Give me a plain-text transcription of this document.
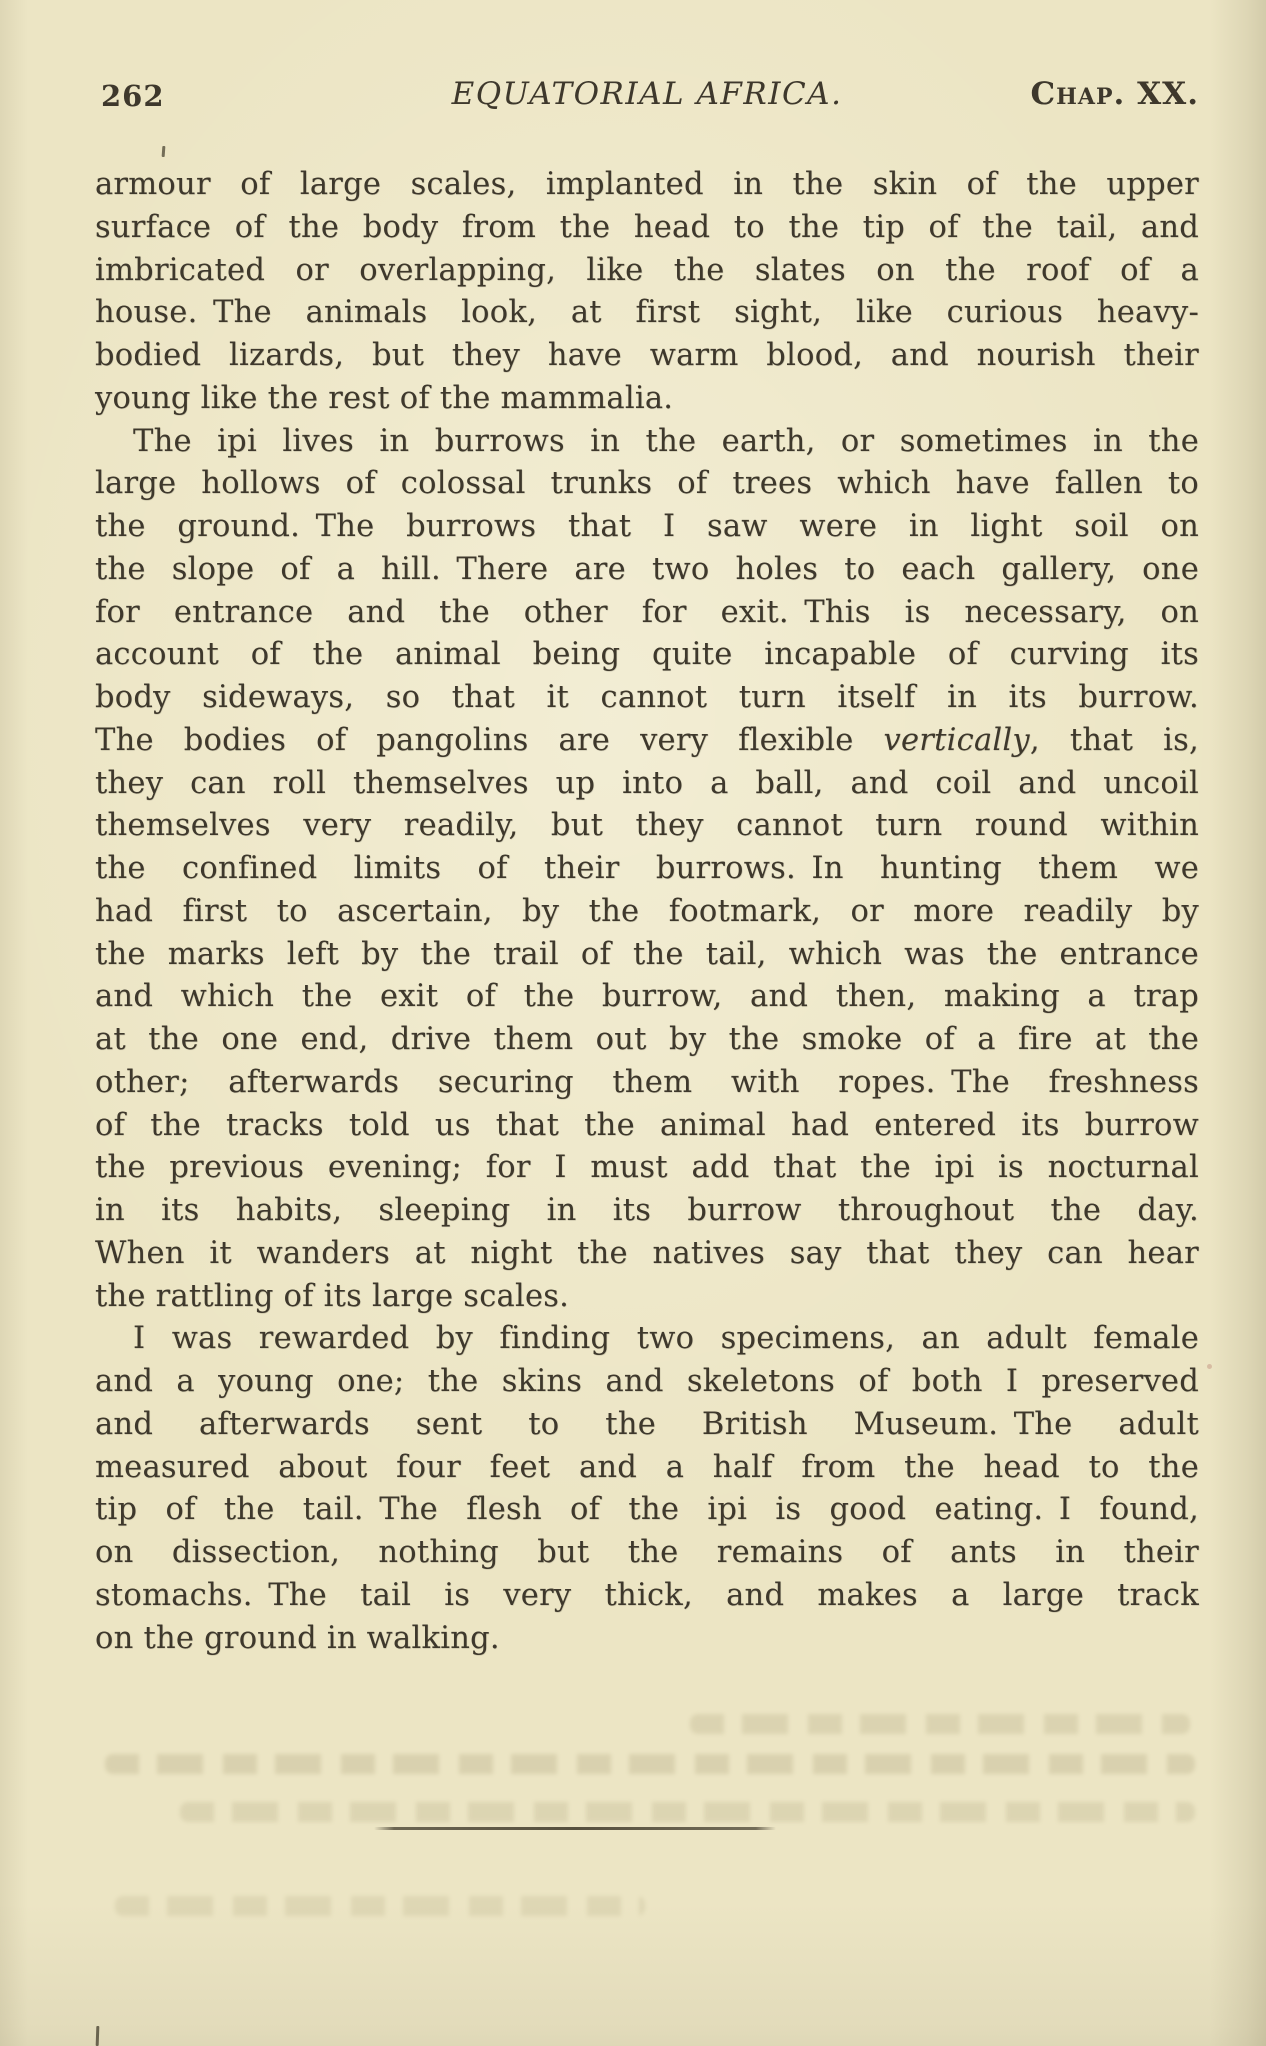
262	EQUATORIAL AFRICA.	Chap. XX.
armour of large scales, implanted in the skin of the upper
surface of the body from the head to the tip of the tail, and
imbricated or overlapping, like the slates on the roof of a
house. The animals look, at first sight, like curious heavy-
bodied lizards, but they have warm blood, and nourish their
young like the rest of the mammalia.
The ipi lives in burrows in the earth, or sometimes in the
large hollows of colossal trunks of trees which have fallen to
the ground. The burrows that I saw were in light soil on
the slope of a hill. There are two holes to each gallery, one
for entrance and the other for exit. This is necessary, on
account of the animal being quite incapable of curving its
body sideways, so that it cannot turn itself in its burrow.
The bodies of pangolins are very flexible vertically, that is,
they can roll themselves up into a ball, and coil and uncoil
themselves very readily, but they cannot turn round within
the confined limits of their burrows. In hunting them we
had first to ascertain, by the footmark, or more readily by
the marks left by the trail of the tail, which was the entrance
and which the exit of the burrow, and then, making a trap
at the one end, drive them out by the smoke of a fire at the
other; afterwards securing them with ropes. The freshness
of the tracks told us that the animal had entered its burrow
the previous evening; for I must add that the ipi is nocturnal
in its habits, sleeping in its burrow throughout the day.
When it wanders at night the natives say that they can hear
the rattling of its large scales.
I was rewarded by finding two specimens, an adult female
and a young one; the skins and skeletons of both I preserved
and afterwards sent to the British Museum. The adult
measured about four feet and a half from the head to the
tip of the tail. The flesh of the ipi is good eating. I found,
on dissection, nothing but the remains of ants in their
stomachs. The tail is very thick, and makes a large track
on the ground in walking.
